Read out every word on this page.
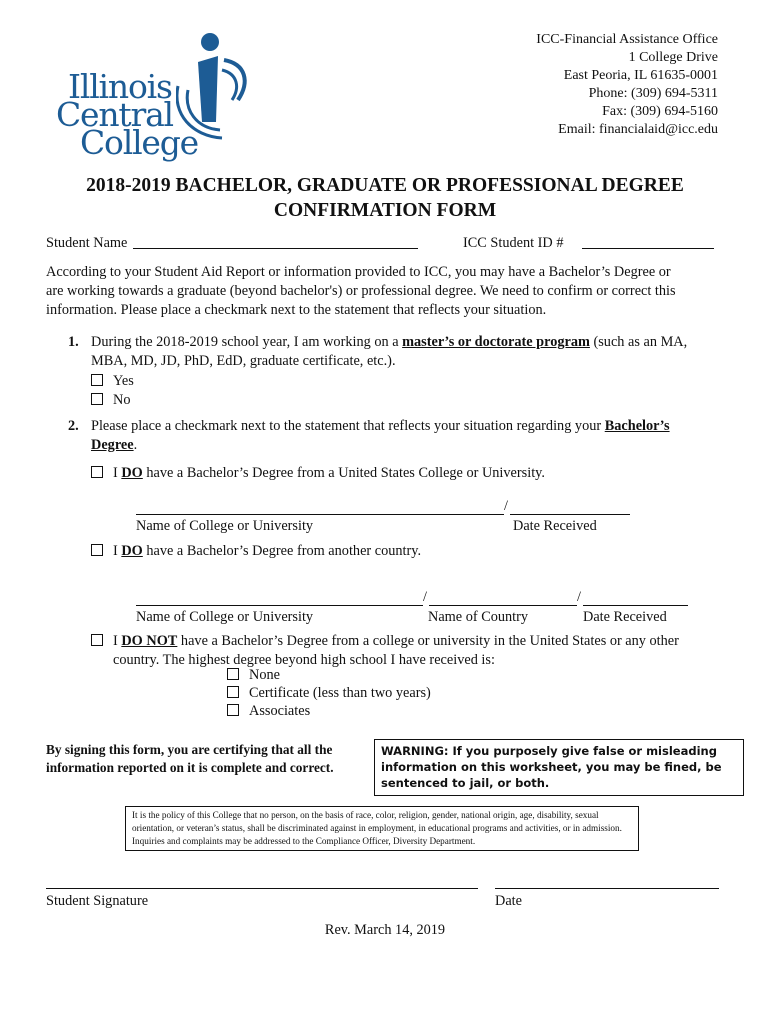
Illinois
Central
College
ICC-Financial Assistance Office
1 College Drive
East Peoria, IL 61635-0001
Phone: (309) 694-5311
Fax: (309) 694-5160
Email: financialaid@icc.edu
2018-2019 BACHELOR, GRADUATE OR PROFESSIONAL DEGREE
CONFIRMATION FORM
Student Name	ICC Student ID #
According to your Student Aid Report or information provided to ICC, you may have a Bachelor’s Degree or
are working towards a graduate (beyond bachelor's) or professional degree. We need to confirm or correct this
information. Please place a checkmark next to the statement that reflects your situation.
1. During the 2018-2019 school year, I am working on a master’s or doctorate program (such as an MA,
MBA, MD, JD, PhD, EdD, graduate certificate, etc.).
Yes
No
2. Please place a checkmark next to the statement that reflects your situation regarding your Bachelor’s
Degree.
I DO have a Bachelor’s Degree from a United States College or University.
/
Name of College or University	Date Received
I DO have a Bachelor’s Degree from another country.
/	/
Name of College or University	Name of Country	Date Received
I DO NOT have a Bachelor’s Degree from a college or university in the United States or any other
country. The highest degree beyond high school I have received is:
None
Certificate (less than two years)
Associates
By signing this form, you are certifying that all the
information reported on it is complete and correct.
WARNING: If you purposely give false or misleading information on this worksheet, you may be fined, be sentenced to jail, or both.
It is the policy of this College that no person, on the basis of race, color, religion, gender, national origin, age, disability, sexual orientation, or veteran’s status, shall be discriminated against in employment, in educational programs and activities, or in admission. Inquiries and complaints may be addressed to the Compliance Officer, Diversity Department.
Student Signature	Date
Rev. March 14, 2019
